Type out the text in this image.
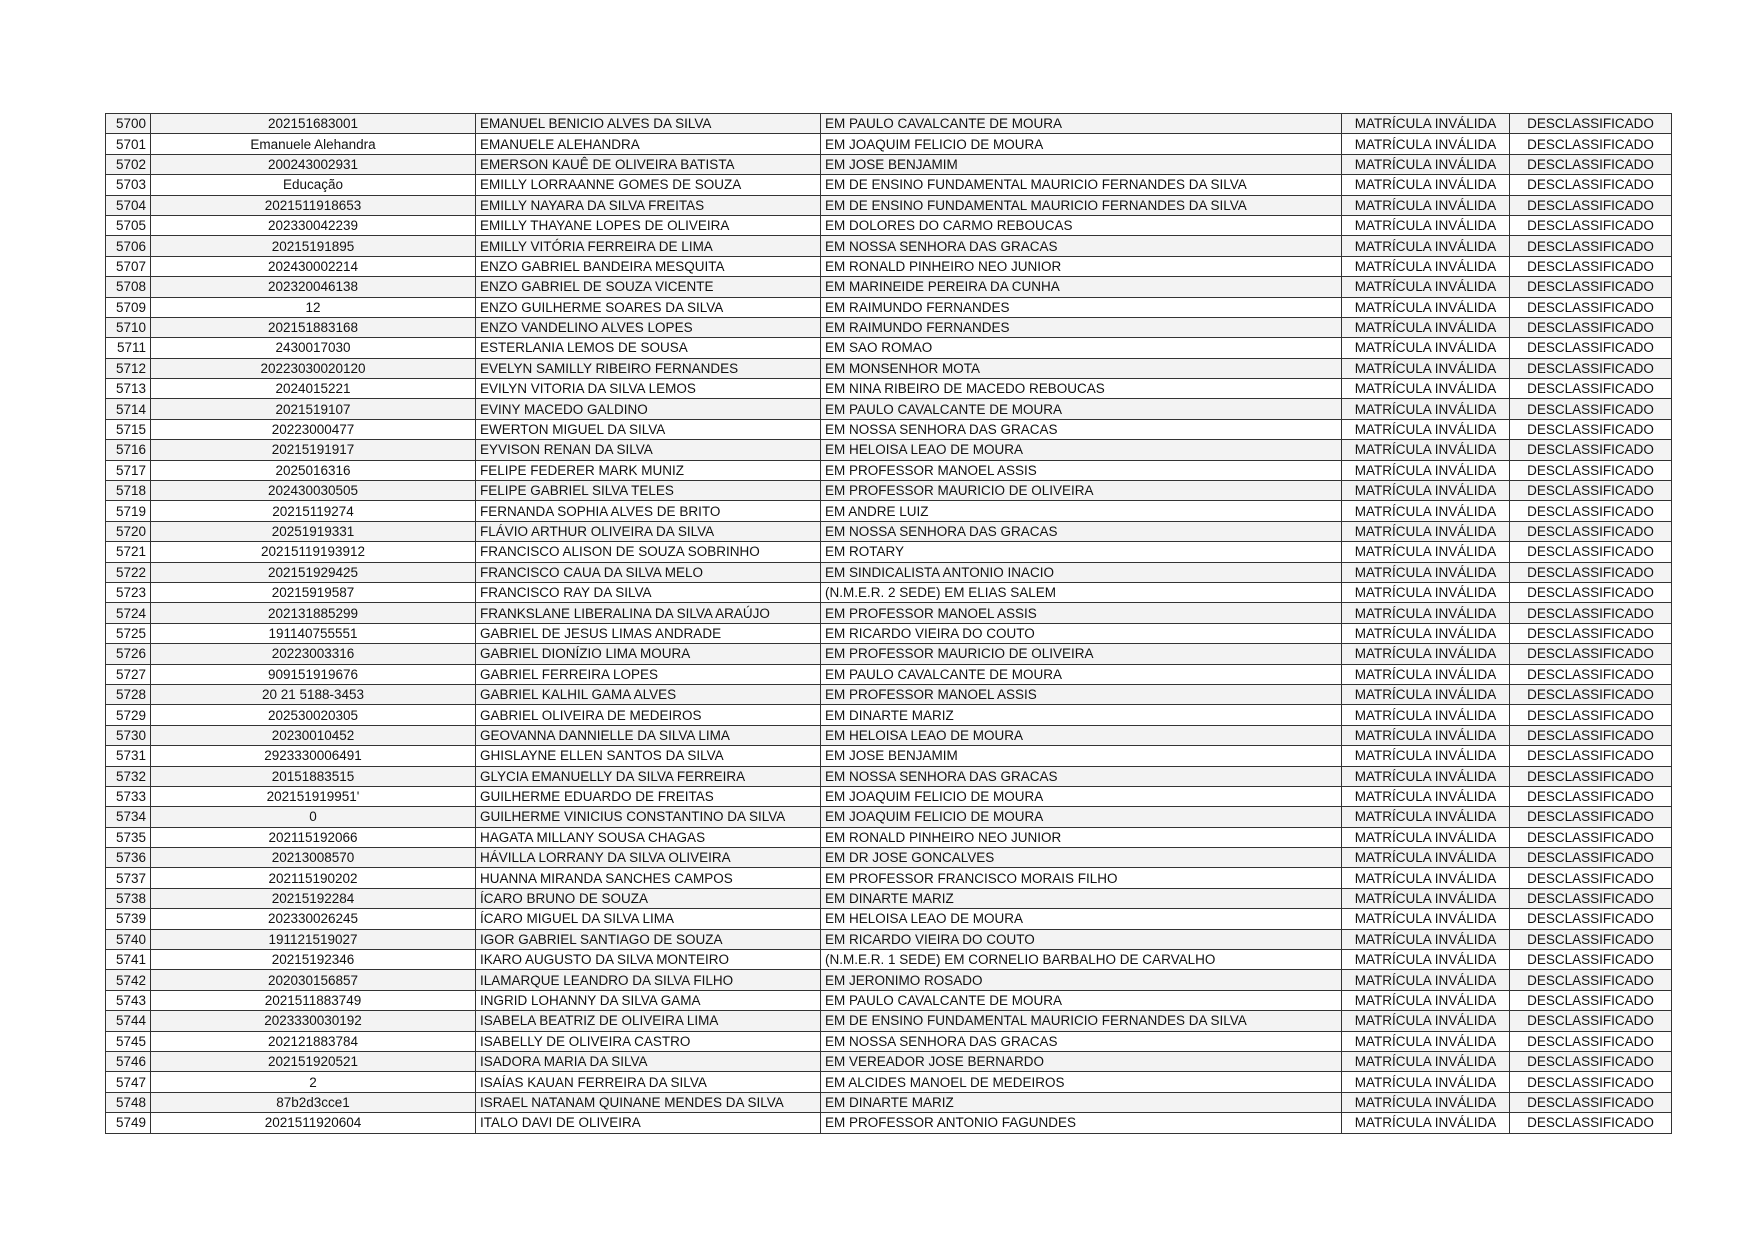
5700	202151683001	EMANUEL BENICIO ALVES DA SILVA	EM PAULO CAVALCANTE DE MOURA	MATRÍCULA INVÁLIDA	DESCLASSIFICADO
5701	Emanuele Alehandra	EMANUELE ALEHANDRA	EM JOAQUIM FELICIO DE MOURA	MATRÍCULA INVÁLIDA	DESCLASSIFICADO
5702	200243002931	EMERSON KAUÊ DE OLIVEIRA BATISTA	EM JOSE BENJAMIM	MATRÍCULA INVÁLIDA	DESCLASSIFICADO
5703	Educação	EMILLY LORRAANNE GOMES DE SOUZA	EM DE ENSINO FUNDAMENTAL MAURICIO FERNANDES DA SILVA	MATRÍCULA INVÁLIDA	DESCLASSIFICADO
5704	2021511918653	EMILLY NAYARA DA SILVA FREITAS	EM DE ENSINO FUNDAMENTAL MAURICIO FERNANDES DA SILVA	MATRÍCULA INVÁLIDA	DESCLASSIFICADO
5705	202330042239	EMILLY THAYANE LOPES DE OLIVEIRA	EM DOLORES DO CARMO REBOUCAS	MATRÍCULA INVÁLIDA	DESCLASSIFICADO
5706	20215191895	EMILLY VITÓRIA FERREIRA DE LIMA	EM NOSSA SENHORA DAS GRACAS	MATRÍCULA INVÁLIDA	DESCLASSIFICADO
5707	202430002214	ENZO GABRIEL BANDEIRA MESQUITA	EM RONALD PINHEIRO NEO JUNIOR	MATRÍCULA INVÁLIDA	DESCLASSIFICADO
5708	202320046138	ENZO GABRIEL DE SOUZA VICENTE	EM MARINEIDE PEREIRA DA CUNHA	MATRÍCULA INVÁLIDA	DESCLASSIFICADO
5709	12	ENZO GUILHERME SOARES DA SILVA	EM RAIMUNDO FERNANDES	MATRÍCULA INVÁLIDA	DESCLASSIFICADO
5710	202151883168	ENZO VANDELINO ALVES LOPES	EM RAIMUNDO FERNANDES	MATRÍCULA INVÁLIDA	DESCLASSIFICADO
5711	2430017030	ESTERLANIA LEMOS DE SOUSA	EM SAO ROMAO	MATRÍCULA INVÁLIDA	DESCLASSIFICADO
5712	20223030020120	EVELYN SAMILLY RIBEIRO FERNANDES	EM MONSENHOR MOTA	MATRÍCULA INVÁLIDA	DESCLASSIFICADO
5713	2024015221	EVILYN VITORIA DA SILVA LEMOS	EM NINA RIBEIRO DE MACEDO REBOUCAS	MATRÍCULA INVÁLIDA	DESCLASSIFICADO
5714	2021519107	EVINY MACEDO GALDINO	EM PAULO CAVALCANTE DE MOURA	MATRÍCULA INVÁLIDA	DESCLASSIFICADO
5715	20223000477	EWERTON MIGUEL DA SILVA	EM NOSSA SENHORA DAS GRACAS	MATRÍCULA INVÁLIDA	DESCLASSIFICADO
5716	20215191917	EYVISON RENAN DA SILVA	EM HELOISA LEAO DE MOURA	MATRÍCULA INVÁLIDA	DESCLASSIFICADO
5717	2025016316	FELIPE FEDERER MARK MUNIZ	EM PROFESSOR MANOEL ASSIS	MATRÍCULA INVÁLIDA	DESCLASSIFICADO
5718	202430030505	FELIPE GABRIEL SILVA TELES	EM PROFESSOR MAURICIO DE OLIVEIRA	MATRÍCULA INVÁLIDA	DESCLASSIFICADO
5719	20215119274	FERNANDA SOPHIA ALVES DE BRITO	EM ANDRE LUIZ	MATRÍCULA INVÁLIDA	DESCLASSIFICADO
5720	20251919331	FLÁVIO ARTHUR OLIVEIRA DA SILVA	EM NOSSA SENHORA DAS GRACAS	MATRÍCULA INVÁLIDA	DESCLASSIFICADO
5721	20215119193912	FRANCISCO ALISON DE SOUZA SOBRINHO	EM ROTARY	MATRÍCULA INVÁLIDA	DESCLASSIFICADO
5722	202151929425	FRANCISCO CAUA DA SILVA MELO	EM SINDICALISTA ANTONIO INACIO	MATRÍCULA INVÁLIDA	DESCLASSIFICADO
5723	20215919587	FRANCISCO RAY DA SILVA	(N.M.E.R. 2 SEDE) EM ELIAS SALEM	MATRÍCULA INVÁLIDA	DESCLASSIFICADO
5724	202131885299	FRANKSLANE LIBERALINA DA SILVA ARAÚJO	EM PROFESSOR MANOEL ASSIS	MATRÍCULA INVÁLIDA	DESCLASSIFICADO
5725	191140755551	GABRIEL DE JESUS LIMAS ANDRADE	EM RICARDO VIEIRA DO COUTO	MATRÍCULA INVÁLIDA	DESCLASSIFICADO
5726	20223003316	GABRIEL DIONÍZIO LIMA MOURA	EM PROFESSOR MAURICIO DE OLIVEIRA	MATRÍCULA INVÁLIDA	DESCLASSIFICADO
5727	909151919676	GABRIEL FERREIRA LOPES	EM PAULO CAVALCANTE DE MOURA	MATRÍCULA INVÁLIDA	DESCLASSIFICADO
5728	20 21 5188-3453	GABRIEL KALHIL GAMA ALVES	EM PROFESSOR MANOEL ASSIS	MATRÍCULA INVÁLIDA	DESCLASSIFICADO
5729	202530020305	GABRIEL OLIVEIRA DE MEDEIROS	EM DINARTE MARIZ	MATRÍCULA INVÁLIDA	DESCLASSIFICADO
5730	20230010452	GEOVANNA DANNIELLE DA SILVA LIMA	EM HELOISA LEAO DE MOURA	MATRÍCULA INVÁLIDA	DESCLASSIFICADO
5731	2923330006491	GHISLAYNE ELLEN SANTOS DA SILVA	EM JOSE BENJAMIM	MATRÍCULA INVÁLIDA	DESCLASSIFICADO
5732	20151883515	GLYCIA EMANUELLY DA SILVA FERREIRA	EM NOSSA SENHORA DAS GRACAS	MATRÍCULA INVÁLIDA	DESCLASSIFICADO
5733	202151919951'	GUILHERME EDUARDO DE FREITAS	EM JOAQUIM FELICIO DE MOURA	MATRÍCULA INVÁLIDA	DESCLASSIFICADO
5734	0	GUILHERME VINICIUS CONSTANTINO DA SILVA	EM JOAQUIM FELICIO DE MOURA	MATRÍCULA INVÁLIDA	DESCLASSIFICADO
5735	202115192066	HAGATA MILLANY SOUSA CHAGAS	EM RONALD PINHEIRO NEO JUNIOR	MATRÍCULA INVÁLIDA	DESCLASSIFICADO
5736	20213008570	HÁVILLA LORRANY DA SILVA OLIVEIRA	EM DR JOSE GONCALVES	MATRÍCULA INVÁLIDA	DESCLASSIFICADO
5737	202115190202	HUANNA MIRANDA SANCHES CAMPOS	EM PROFESSOR FRANCISCO MORAIS FILHO	MATRÍCULA INVÁLIDA	DESCLASSIFICADO
5738	20215192284	ÍCARO BRUNO DE SOUZA	EM DINARTE MARIZ	MATRÍCULA INVÁLIDA	DESCLASSIFICADO
5739	202330026245	ÍCARO MIGUEL DA SILVA LIMA	EM HELOISA LEAO DE MOURA	MATRÍCULA INVÁLIDA	DESCLASSIFICADO
5740	191121519027	IGOR GABRIEL SANTIAGO DE SOUZA	EM RICARDO VIEIRA DO COUTO	MATRÍCULA INVÁLIDA	DESCLASSIFICADO
5741	20215192346	IKARO AUGUSTO DA SILVA MONTEIRO	(N.M.E.R. 1 SEDE) EM CORNELIO BARBALHO DE CARVALHO	MATRÍCULA INVÁLIDA	DESCLASSIFICADO
5742	202030156857	ILAMARQUE LEANDRO DA SILVA FILHO	EM JERONIMO ROSADO	MATRÍCULA INVÁLIDA	DESCLASSIFICADO
5743	2021511883749	INGRID LOHANNY DA SILVA GAMA	EM PAULO CAVALCANTE DE MOURA	MATRÍCULA INVÁLIDA	DESCLASSIFICADO
5744	2023330030192	ISABELA BEATRIZ DE OLIVEIRA LIMA	EM DE ENSINO FUNDAMENTAL MAURICIO FERNANDES DA SILVA	MATRÍCULA INVÁLIDA	DESCLASSIFICADO
5745	202121883784	ISABELLY DE OLIVEIRA CASTRO	EM NOSSA SENHORA DAS GRACAS	MATRÍCULA INVÁLIDA	DESCLASSIFICADO
5746	202151920521	ISADORA MARIA DA SILVA	EM VEREADOR JOSE BERNARDO	MATRÍCULA INVÁLIDA	DESCLASSIFICADO
5747	2	ISAÍAS KAUAN FERREIRA DA SILVA	EM ALCIDES MANOEL DE MEDEIROS	MATRÍCULA INVÁLIDA	DESCLASSIFICADO
5748	87b2d3cce1	ISRAEL NATANAM QUINANE MENDES DA SILVA	EM DINARTE MARIZ	MATRÍCULA INVÁLIDA	DESCLASSIFICADO
5749	2021511920604	ITALO DAVI DE OLIVEIRA	EM PROFESSOR ANTONIO FAGUNDES	MATRÍCULA INVÁLIDA	DESCLASSIFICADO
